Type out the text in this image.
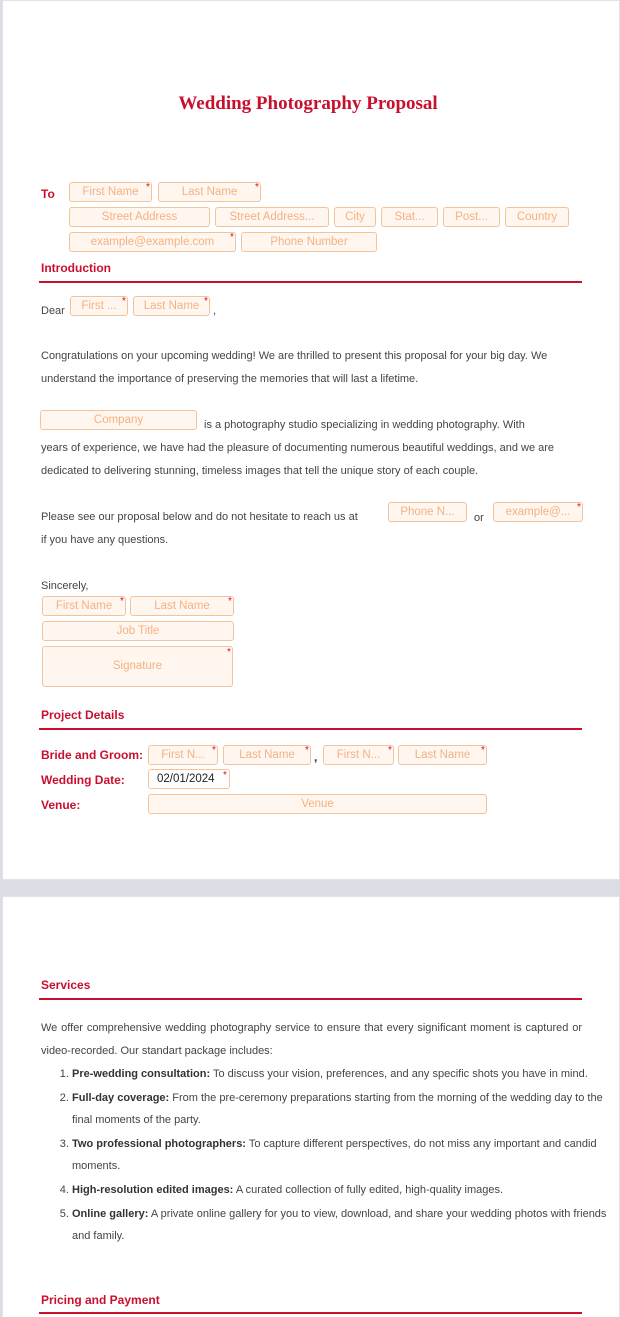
Wedding Photography Proposal
To	First Name *	Last Name	*
Street Address	Street Address...	City	Stat...	Post...	Country
example@example.com	*	Phone Number
Introduction
Dear	First ... *	Last Name *
,
Congratulations on your upcoming wedding! We are thrilled to present this proposal for your big day. We understand the importance of preserving the memories that will last a lifetime.
Company	is a photography studio specializing in wedding photography. With
years of experience, we have had the pleasure of documenting numerous beautiful weddings, and we are
dedicated to delivering stunning, timeless images that tell the unique story of each couple.
Please see our proposal below and do not hesitate to reach us at	Phone N...	or	example@... *
if you have any questions.
Sincerely,
First Name *	Last Name	*
Job Title
Signature
*
Project Details
Bride and Groom:	First N... *	Last Name	* ,	First N... *	Last Name	*
Wedding Date:	02/01/2024 *
Venue:	Venue
Services
We offer comprehensive wedding photography service to ensure that every significant moment is captured or video-recorded. Our standart package includes:
1. Pre-wedding consultation: To discuss your vision, preferences, and any specific shots you have in mind.
2. Full-day coverage: From the pre-ceremony preparations starting from the morning of the wedding day to the final moments of the party.
3. Two professional photographers: To capture different perspectives, do not miss any important and candid moments.
4. High-resolution edited images: A curated collection of fully edited, high-quality images.
5. Online gallery: A private online gallery for you to view, download, and share your wedding photos with friends and family.
Pricing and Payment
